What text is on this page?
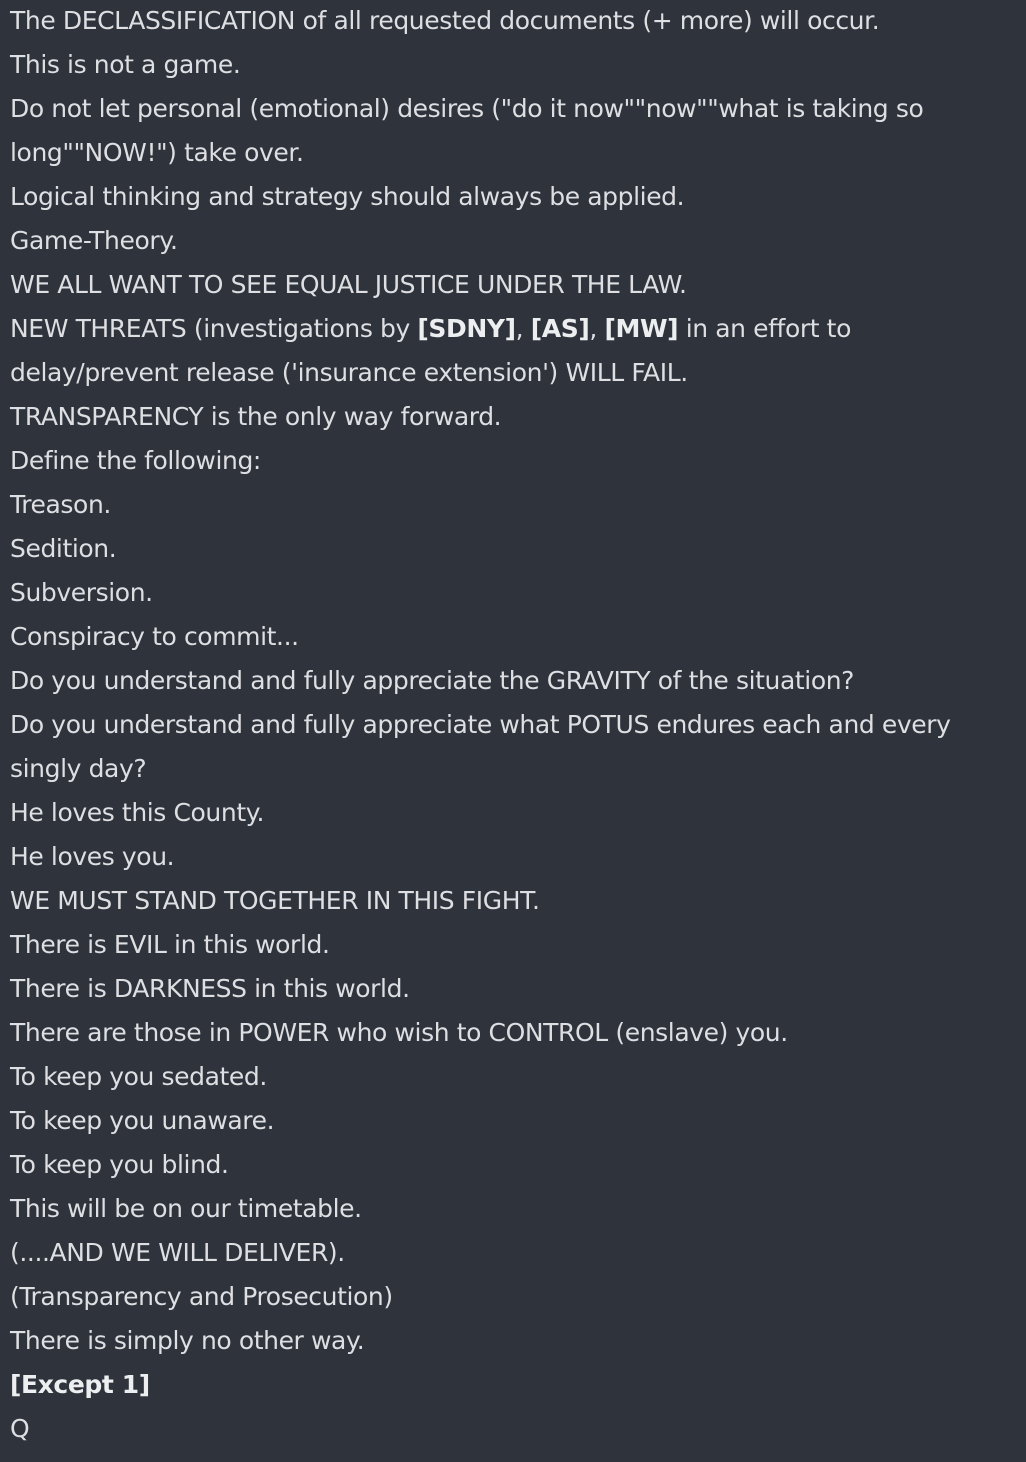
The DECLASSIFICATION of all requested documents (+ more) will occur.

This is not a game.

Do not let personal (emotional) desires ("do it now""now""what is taking so long""NOW!") take over.

Logical thinking and strategy should always be applied.

Game-Theory.

WE ALL WANT TO SEE EQUAL JUSTICE UNDER THE LAW.

NEW THREATS (investigations by [SDNY], [AS], [MW] in an effort to delay/prevent release ('insurance extension') WILL FAIL.

TRANSPARENCY is the only way forward.

Define the following:

Treason.

Sedition.

Subversion.

Conspiracy to commit...

Do you understand and fully appreciate the GRAVITY of the situation?

Do you understand and fully appreciate what POTUS endures each and every singly day?

He loves this County.

He loves you.

WE MUST STAND TOGETHER IN THIS FIGHT.

There is EVIL in this world.

There is DARKNESS in this world.

There are those in POWER who wish to CONTROL (enslave) you.

To keep you sedated.

To keep you unaware.

To keep you blind.

This will be on our timetable.

(....AND WE WILL DELIVER).

(Transparency and Prosecution)

There is simply no other way.

[Except 1]

Q
